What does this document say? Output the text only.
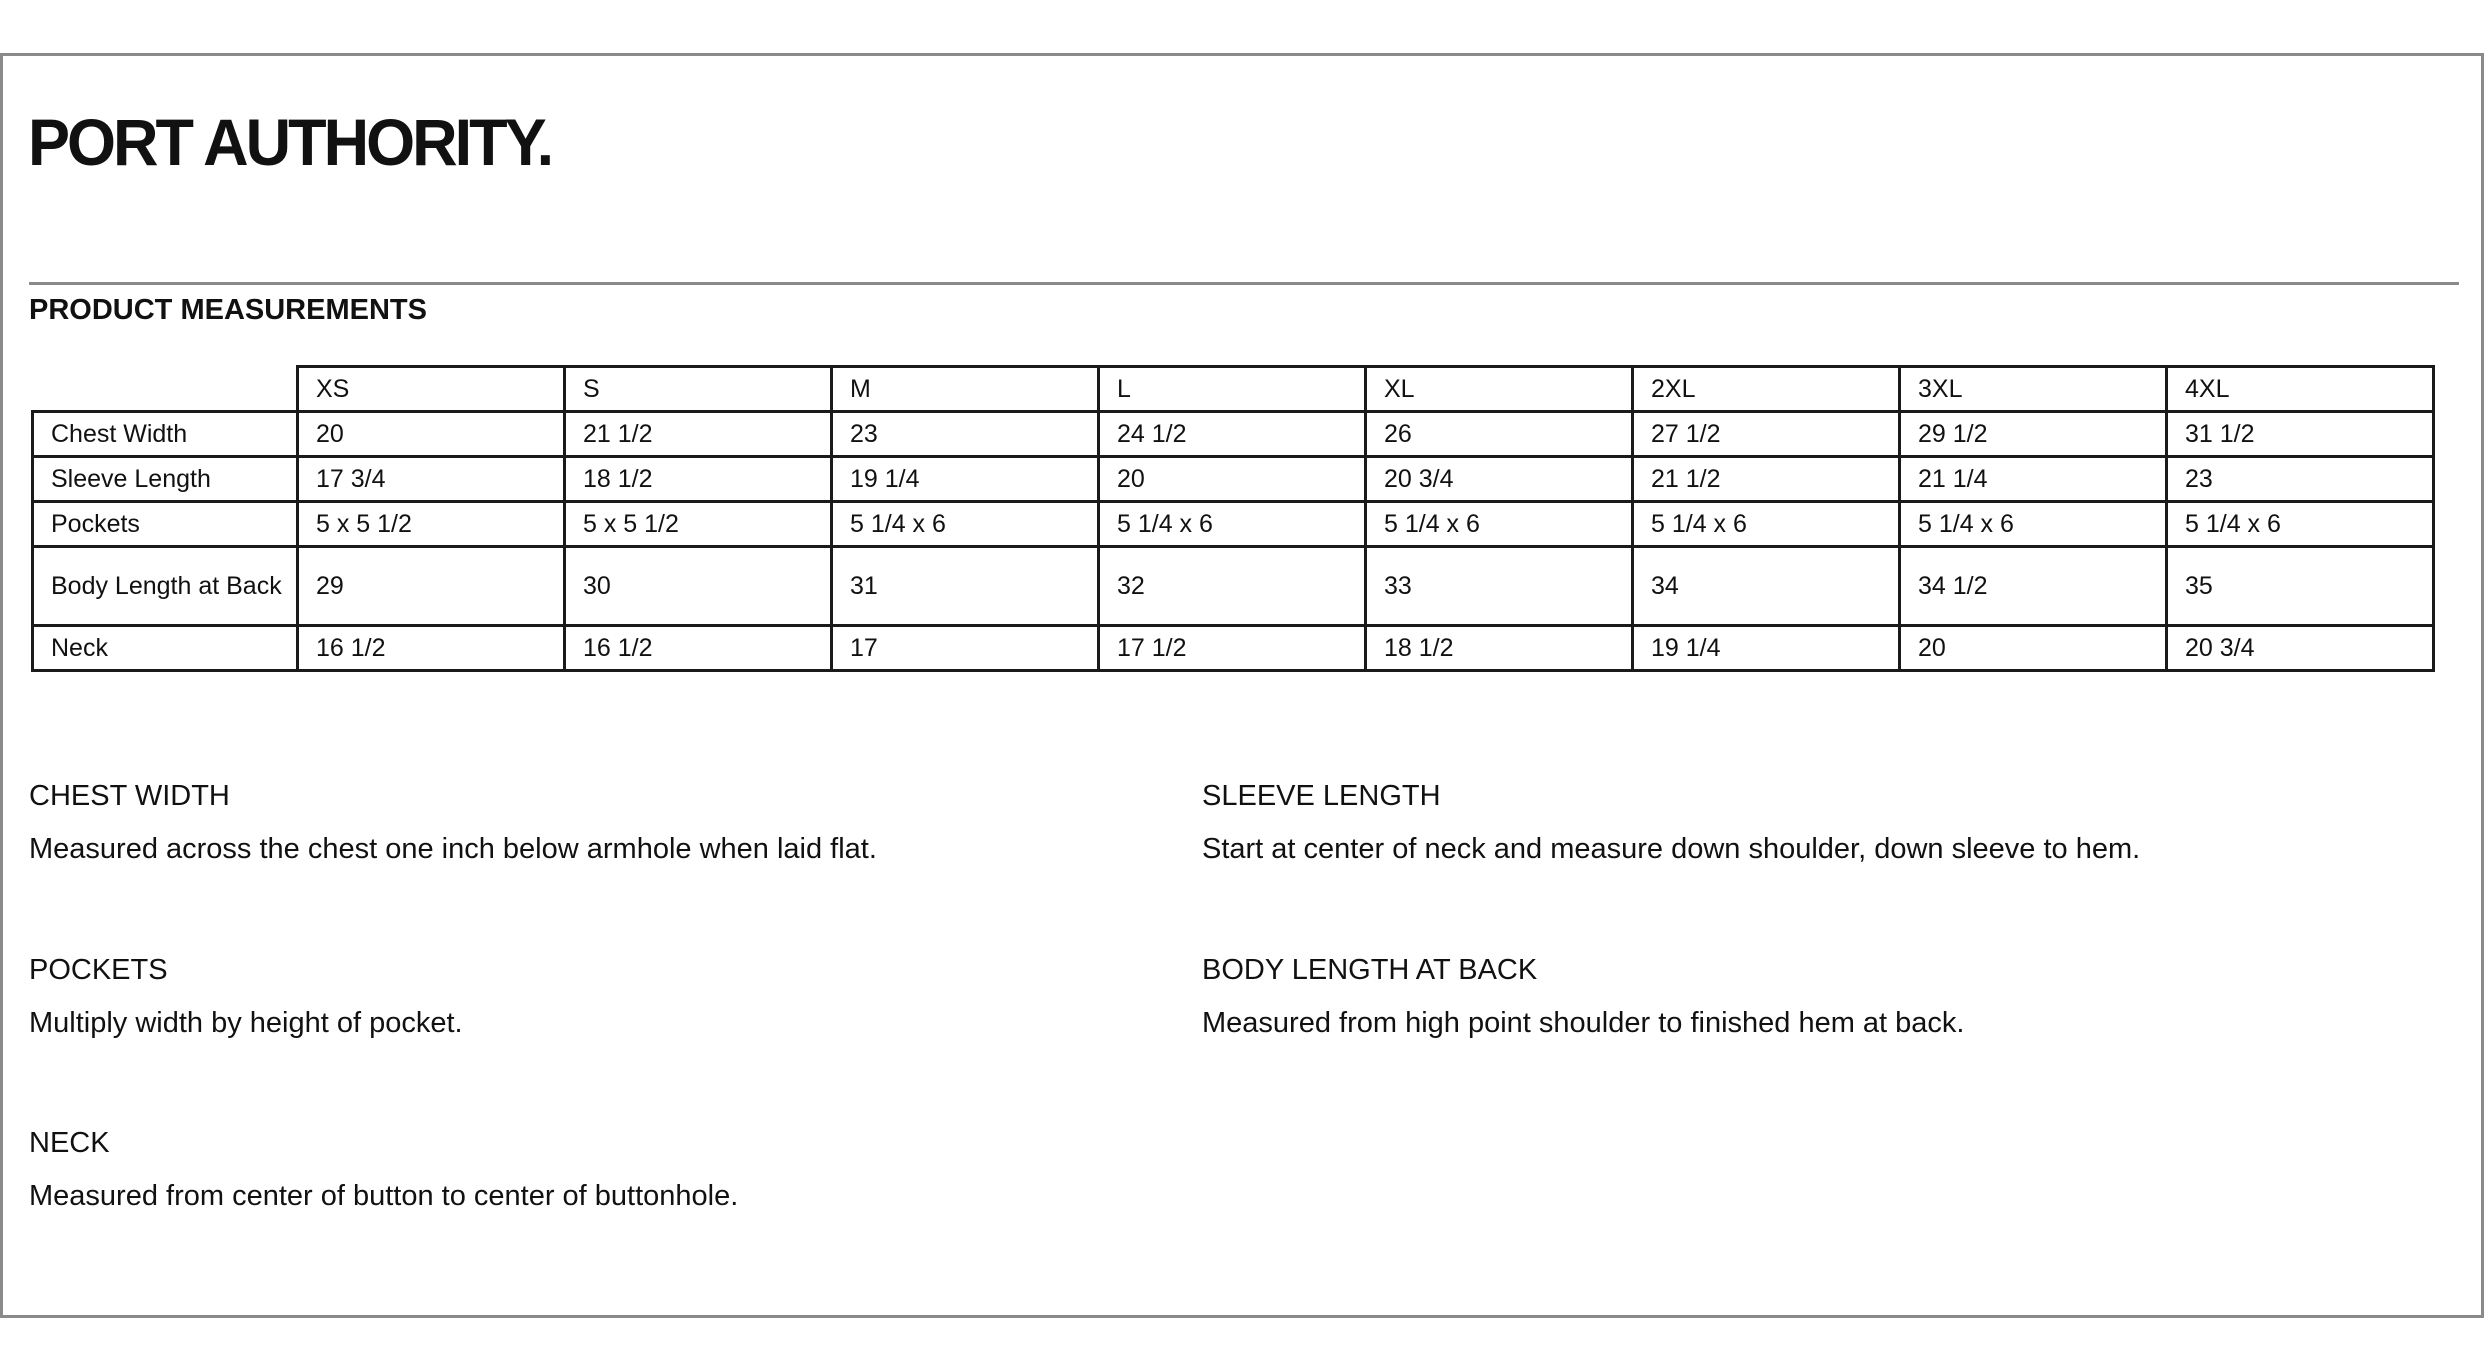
PORT AUTHORITY.
PRODUCT MEASUREMENTS
	XS	S	M	L	XL	2XL	3XL	4XL
Chest Width	20	21 1/2	23	24 1/2	26	27 1/2	29 1/2	31 1/2
Sleeve Length	17 3/4	18 1/2	19 1/4	20	20 3/4	21 1/2	21 1/4	23
Pockets	5 x 5 1/2	5 x 5 1/2	5 1/4 x 6	5 1/4 x 6	5 1/4 x 6	5 1/4 x 6	5 1/4 x 6	5 1/4 x 6
Body Length at Back	29	30	31	32	33	34	34 1/2	35
Neck	16 1/2	16 1/2	17	17 1/2	18 1/2	19 1/4	20	20 3/4
CHEST WIDTH
Measured across the chest one inch below armhole when laid flat.
SLEEVE LENGTH
Start at center of neck and measure down shoulder, down sleeve to hem.
POCKETS
Multiply width by height of pocket.
BODY LENGTH AT BACK
Measured from high point shoulder to finished hem at back.
NECK
Measured from center of button to center of buttonhole.
